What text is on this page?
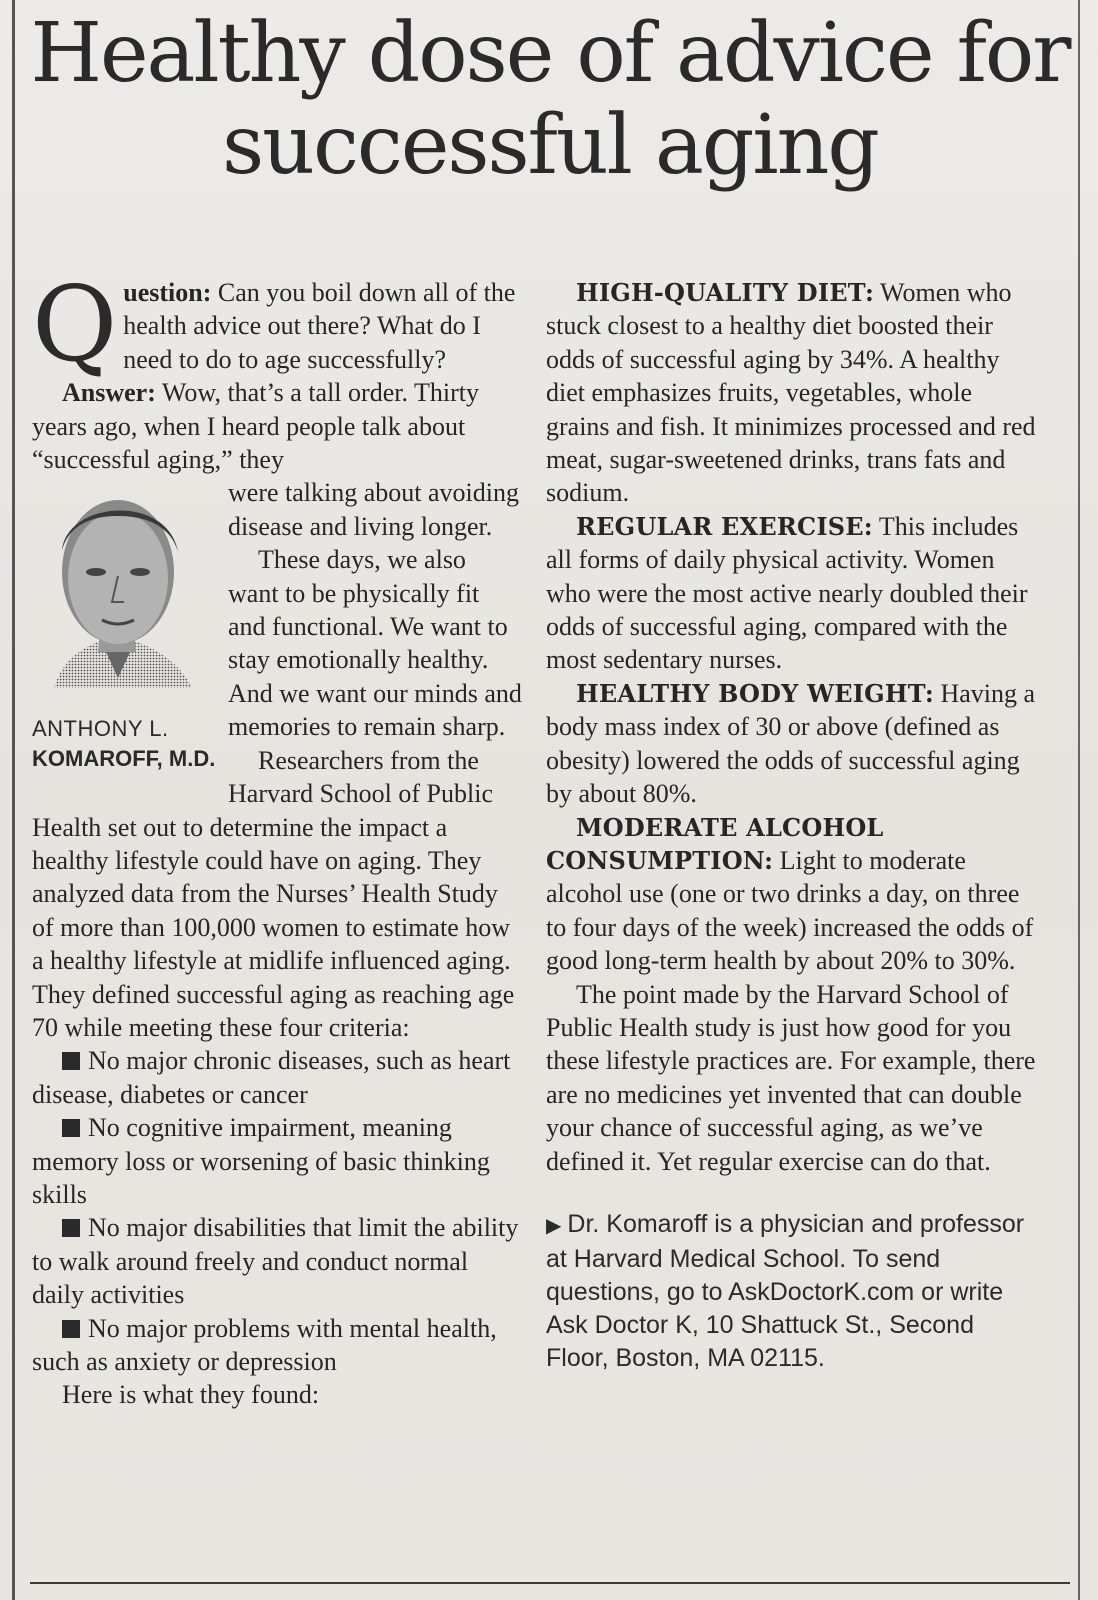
Healthy dose of advice for successful aging

Question: Can you boil down all of the health advice out there? What do I need to do to age successfully?

Answer: Wow, that’s a tall order. Thirty years ago, when I heard people talk about “successful aging,” they

ANTHONY L.
KOMAROFF, M.D.

were talking about avoiding disease and living longer.

These days, we also want to be physically fit and functional. We want to stay emotionally healthy. And we want our minds and memories to remain sharp.

Researchers from the Harvard School of Public Health set out to determine the impact a healthy lifestyle could have on aging. They analyzed data from the Nurses’ Health Study of more than 100,000 women to estimate how a healthy lifestyle at midlife influenced aging. They defined successful aging as reaching age 70 while meeting these four criteria:

No major chronic diseases, such as heart disease, diabetes or cancer

No cognitive impairment, meaning memory loss or worsening of basic thinking skills

No major disabilities that limit the ability to walk around freely and conduct normal daily activities

No major problems with mental health, such as anxiety or depression

Here is what they found:

HIGH-QUALITY DIET: Women who stuck closest to a healthy diet boosted their odds of successful aging by 34%. A healthy diet emphasizes fruits, vegetables, whole grains and fish. It minimizes processed and red meat, sugar-sweetened drinks, trans fats and sodium.

REGULAR EXERCISE: This includes all forms of daily physical activity. Women who were the most active nearly doubled their odds of successful aging, compared with the most sedentary nurses.

HEALTHY BODY WEIGHT: Having a body mass index of 30 or above (defined as obesity) lowered the odds of successful aging by about 80%.

MODERATE ALCOHOL CONSUMPTION: Light to moderate alcohol use (one or two drinks a day, on three to four days of the week) increased the odds of good long-term health by about 20% to 30%.

The point made by the Harvard School of Public Health study is just how good for you these lifestyle practices are. For example, there are no medicines yet invented that can double your chance of successful aging, as we’ve defined it. Yet regular exercise can do that.

▶ Dr. Komaroff is a physician and professor at Harvard Medical School. To send questions, go to AskDoctorK.com or write Ask Doctor K, 10 Shattuck St., Second Floor, Boston, MA 02115.
